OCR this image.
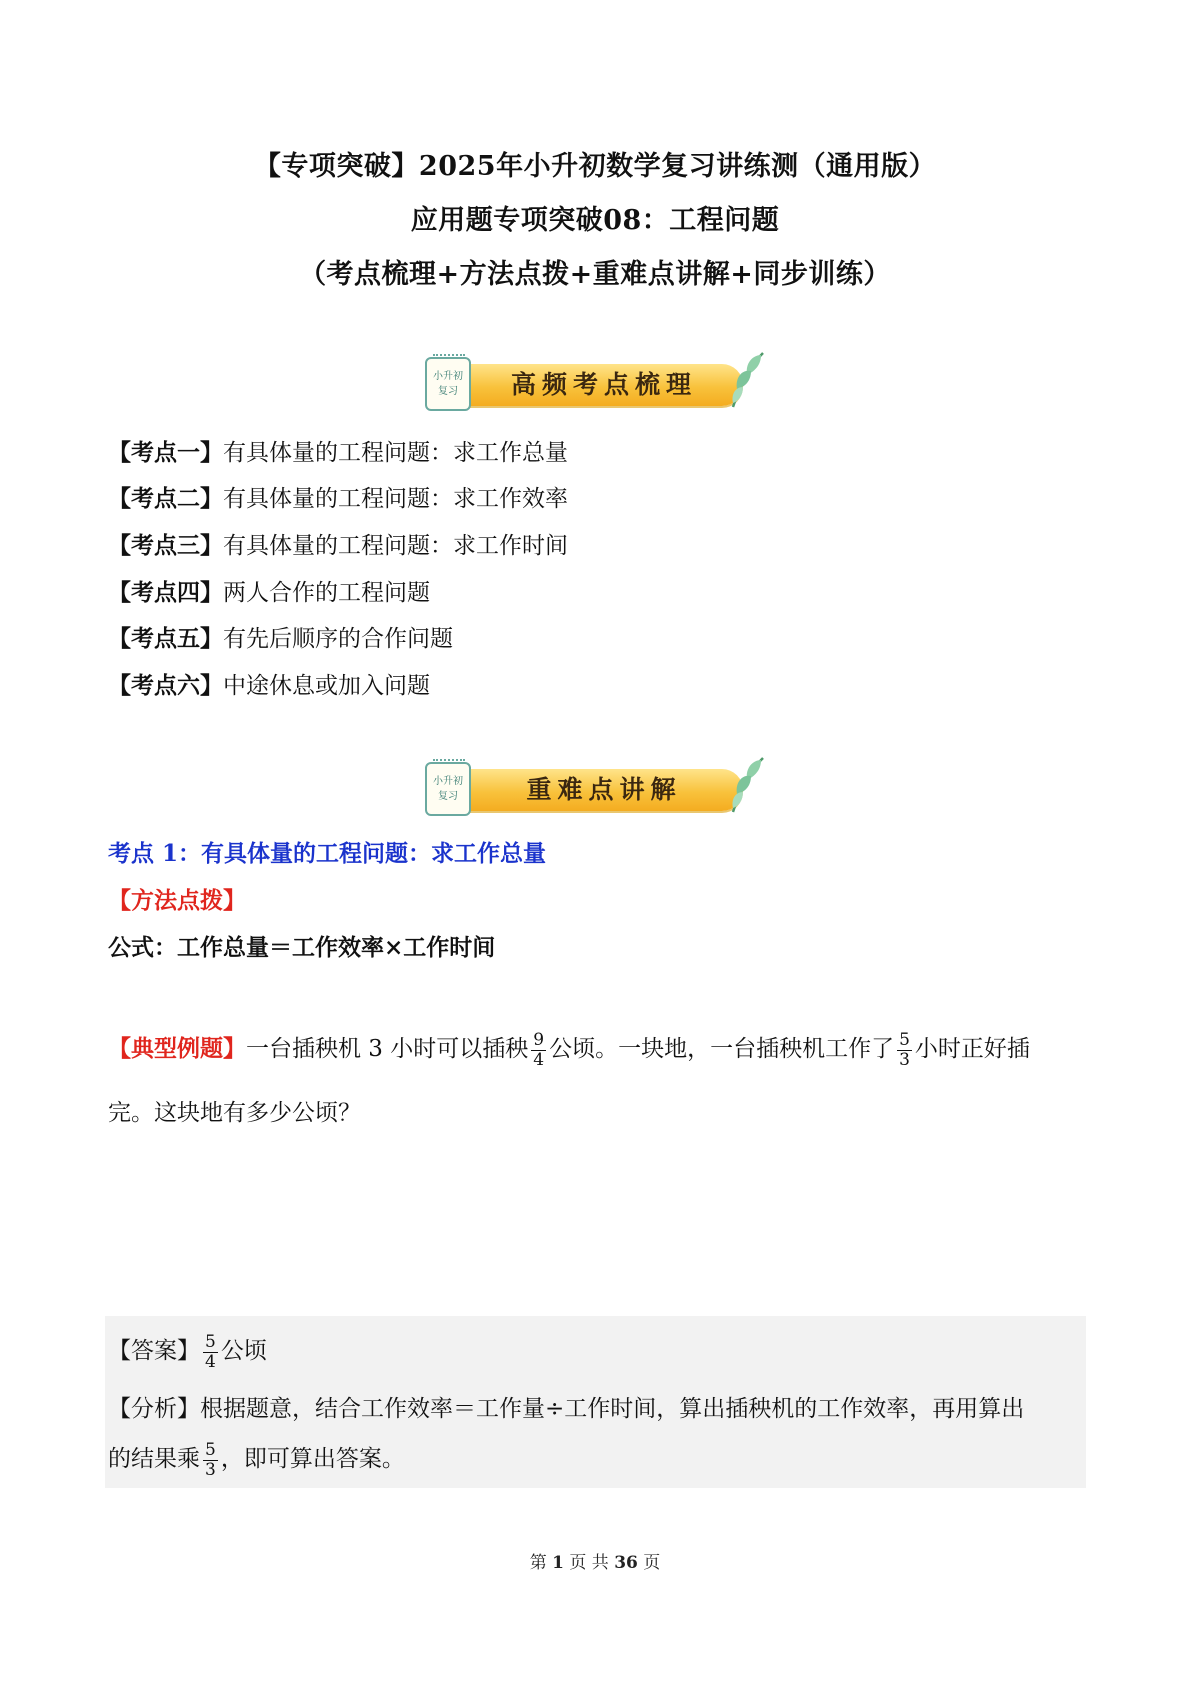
【专项突破】2025年小升初数学复习讲练测（通用版）
应用题专项突破08：工程问题
（考点梳理+方法点拨+重难点讲解+同步训练）
高频考点梳理
小升初
复习
【考点一】有具体量的工程问题：求工作总量
【考点二】有具体量的工程问题：求工作效率
【考点三】有具体量的工程问题：求工作时间
【考点四】两人合作的工程问题
【考点五】有先后顺序的合作问题
【考点六】中途休息或加入问题
重难点讲解
小升初
复习
考点 1：有具体量的工程问题：求工作总量
【方法点拨】
公式：工作总量＝工作效率×工作时间
【典型例题】一台插秧机 3 小时可以插秧 $\frac{9}{4}$ 公顷。一块地，一台插秧机工作了 $\frac{5}{3}$ 小时正好插
完。这块地有多少公顷？
【答案】 $\frac{5}{4}$ 公顷
【分析】根据题意，结合工作效率＝工作量÷工作时间，算出插秧机的工作效率，再用算出
的结果乘 $\frac{5}{3}$ ，即可算出答案。
第 1 页 共 36 页
